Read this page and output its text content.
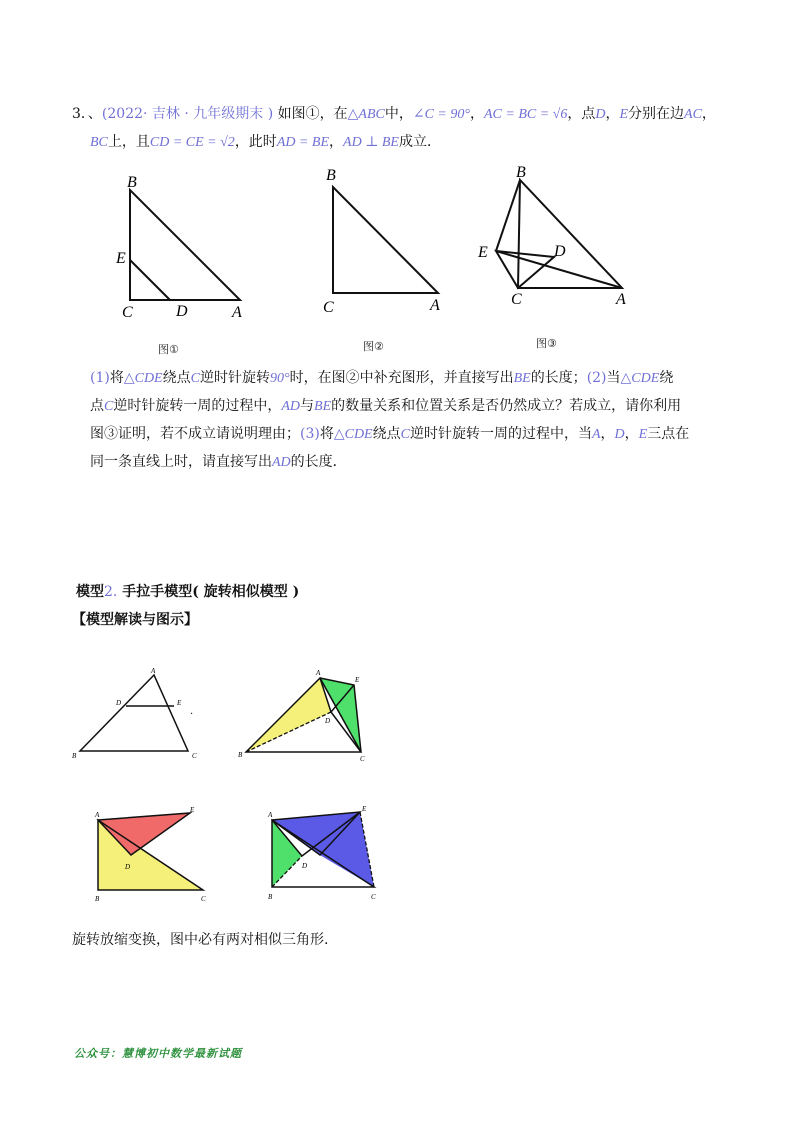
3．、(2022· 吉林 · 九年级期末 ) 如图①，在△ABC中，∠C = 90°，AC = BC = √6，点D，E分别在边AC，
BC上，且CD = CE = √2，此时AD = BE，AD ⊥ BE成立．
B
E
C	D	A
图①
B
C	A
图②
B
E	D
C	A
图③
(1)将△CDE绕点C逆时针旋转90°时，在图②中补充图形，并直接写出BE的长度；(2)当△CDE绕
点C逆时针旋转一周的过程中，AD与BE的数量关系和位置关系是否仍然成立？若成立，请你利用
图③证明，若不成立请说明理由；(3)将△CDE绕点C逆时针旋转一周的过程中，当A，D，E三点在
同一条直线上时，请直接写出AD的长度．
模型2. 手拉手模型( 旋转相似模型 )
【模型解读与图示】
A
D	E
B	C
.
A
E
D
B	C
A
E
D
B	C
A
E
D
B	C
旋转放缩变换，图中必有两对相似三角形.
公众号：慧博初中数学最新试题
